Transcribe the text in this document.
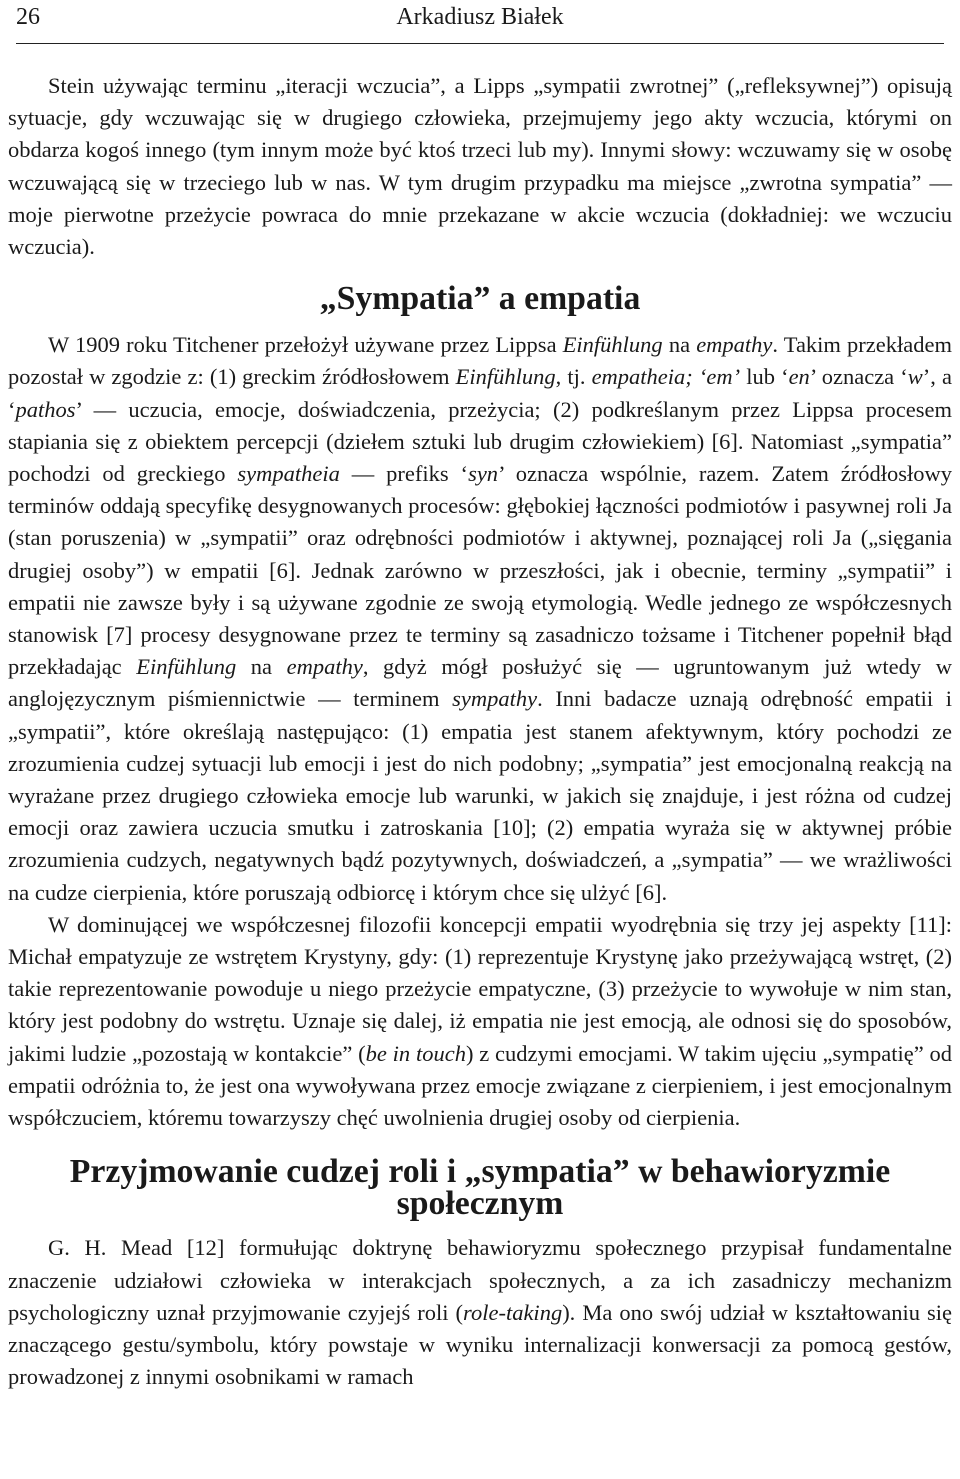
26	Arkadiusz Białek

Stein używając terminu „iteracji wczucia”, a Lipps „sympatii zwrotnej” („refleksywnej”) opisują sytuacje, gdy wczuwając się w drugiego człowieka, przejmujemy jego akty wczucia, którymi on obdarza kogoś innego (tym innym może być ktoś trzeci lub my). Innymi słowy: wczuwamy się w osobę wczuwającą się w trzeciego lub w nas. W tym drugim przypadku ma miejsce „zwrotna sympatia” — moje pierwotne przeżycie powraca do mnie przekazane w akcie wczucia (dokładniej: we wczuciu wczucia).

„Sympatia” a empatia

W 1909 roku Titchener przełożył używane przez Lippsa Einfühlung na empathy. Takim przekładem pozostał w zgodzie z: (1) greckim źródłosłowem Einfühlung, tj. empatheia; ‘em’ lub ‘en’ oznacza ‘w’, a ‘pathos’ — uczucia, emocje, doświadczenia, przeżycia; (2) podkreślanym przez Lippsa procesem stapiania się z obiektem percepcji (dziełem sztuki lub drugim człowiekiem) [6]. Natomiast „sympatia” pochodzi od greckiego sympatheia — prefiks ‘syn’ oznacza wspólnie, razem. Zatem źródłosłowy terminów oddają specyfikę desygnowanych procesów: głębokiej łączności podmiotów i pasywnej roli Ja (stan poruszenia) w „sympatii” oraz odrębności podmiotów i aktywnej, poznającej roli Ja („sięgania drugiej osoby”) w empatii [6]. Jednak zarówno w przeszłości, jak i obecnie, terminy „sympatii” i empatii nie zawsze były i są używane zgodnie ze swoją etymologią. Wedle jednego ze współczesnych stanowisk [7] procesy desygnowane przez te terminy są zasadniczo tożsame i Titchener popełnił błąd przekładając Einfühlung na empathy, gdyż mógł posłużyć się — ugruntowanym już wtedy w anglojęzycznym piśmiennictwie — terminem sympathy. Inni badacze uznają odrębność empatii i „sympatii”, które określają następująco: (1) empatia jest stanem afektywnym, który pochodzi ze zrozumienia cudzej sytuacji lub emocji i jest do nich podobny; „sympatia” jest emocjonalną reakcją na wyrażane przez drugiego człowieka emocje lub warunki, w jakich się znajduje, i jest różna od cudzej emocji oraz zawiera uczucia smutku i zatroskania [10]; (2) empatia wyraża się w aktywnej próbie zrozumienia cudzych, negatywnych bądź pozytywnych, doświadczeń, a „sympatia” — we wrażliwości na cudze cierpienia, które poruszają odbiorcę i którym chce się ulżyć [6].

W dominującej we współczesnej filozofii koncepcji empatii wyodrębnia się trzy jej aspekty [11]: Michał empatyzuje ze wstrętem Krystyny, gdy: (1) reprezentuje Krystynę jako przeżywającą wstręt, (2) takie reprezentowanie powoduje u niego przeżycie empatyczne, (3) przeżycie to wywołuje w nim stan, który jest podobny do wstrętu. Uznaje się dalej, iż empatia nie jest emocją, ale odnosi się do sposobów, jakimi ludzie „pozostają w kontakcie” (be in touch) z cudzymi emocjami. W takim ujęciu „sympatię” od empatii odróżnia to, że jest ona wywoływana przez emocje związane z cierpieniem, i jest emocjonalnym współczuciem, któremu towarzyszy chęć uwolnienia drugiej osoby od cierpienia.

Przyjmowanie cudzej roli i „sympatia” w behawioryzmie społecznym

G. H. Mead [12] formułując doktrynę behawioryzmu społecznego przypisał fundamentalne znaczenie udziałowi człowieka w interakcjach społecznych, a za ich zasadniczy mechanizm psychologiczny uznał przyjmowanie czyjejś roli (role-taking). Ma ono swój udział w kształtowaniu się znaczącego gestu/symbolu, który powstaje w wyniku internalizacji konwersacji za pomocą gestów, prowadzonej z innymi osobnikami w ramach
